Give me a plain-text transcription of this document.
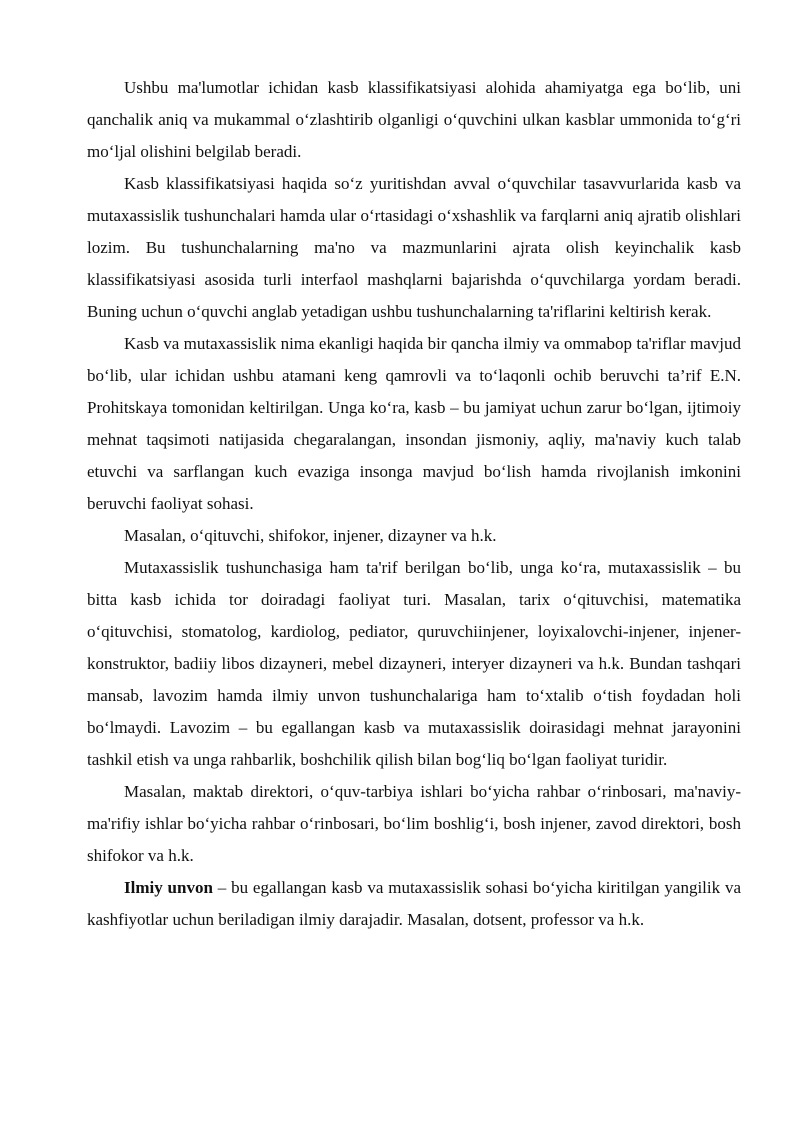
Ushbu ma'lumotlar ichidan kasb klassifikatsiyasi alohida ahamiyatga ega bo‘lib, uni qanchalik aniq va mukammal o‘zlashtirib olganligi o‘quvchini ulkan kasblar ummonida to‘g‘ri mo‘ljal olishini belgilab beradi.

Kasb klassifikatsiyasi haqida so‘z yuritishdan avval o‘quvchilar tasavvurlarida kasb va mutaxassislik tushunchalari hamda ular o‘rtasidagi o‘xshashlik va farqlarni aniq ajratib olishlari lozim. Bu tushunchalarning ma'no va mazmunlarini ajrata olish keyinchalik kasb klassifikatsiyasi asosida turli interfaol mashqlarni bajarishda o‘quvchilarga yordam beradi. Buning uchun o‘quvchi anglab yetadigan ushbu tushunchalarning ta'riflarini keltirish kerak.

Kasb va mutaxassislik nima ekanligi haqida bir qancha ilmiy va ommabop ta'riflar mavjud bo‘lib, ular ichidan ushbu atamani keng qamrovli va to‘laqonli ochib beruvchi ta’rif E.N. Prohitskaya tomonidan keltirilgan. Unga ko‘ra, kasb – bu jamiyat uchun zarur bo‘lgan, ijtimoiy mehnat taqsimoti natijasida chegaralangan, insondan jismoniy, aqliy, ma'naviy kuch talab etuvchi va sarflangan kuch evaziga insonga mavjud bo‘lish hamda rivojlanish imkonini beruvchi faoliyat sohasi.

Masalan, o‘qituvchi, shifokor, injener, dizayner va h.k.

Mutaxassislik tushunchasiga ham ta'rif berilgan bo‘lib, unga ko‘ra, mutaxassislik – bu bitta kasb ichida tor doiradagi faoliyat turi. Masalan, tarix o‘qituvchisi, matematika o‘qituvchisi, stomatolog, kardiolog, pediator, quruvchiinjener, loyixalovchi-injener, injener-konstruktor, badiiy libos dizayneri, mebel dizayneri, interyer dizayneri va h.k. Bundan tashqari mansab, lavozim hamda ilmiy unvon tushunchalariga ham to‘xtalib o‘tish foydadan holi bo‘lmaydi. Lavozim – bu egallangan kasb va mutaxassislik doirasidagi mehnat jarayonini tashkil etish va unga rahbarlik, boshchilik qilish bilan bog‘liq bo‘lgan faoliyat turidir.

Masalan, maktab direktori, o‘quv-tarbiya ishlari bo‘yicha rahbar o‘rinbosari, ma'naviy-ma'rifiy ishlar bo‘yicha rahbar o‘rinbosari, bo‘lim boshlig‘i, bosh injener, zavod direktori, bosh shifokor va h.k.

Ilmiy unvon – bu egallangan kasb va mutaxassislik sohasi bo‘yicha kiritilgan yangilik va kashfiyotlar uchun beriladigan ilmiy darajadir. Masalan, dotsent, professor va h.k.
